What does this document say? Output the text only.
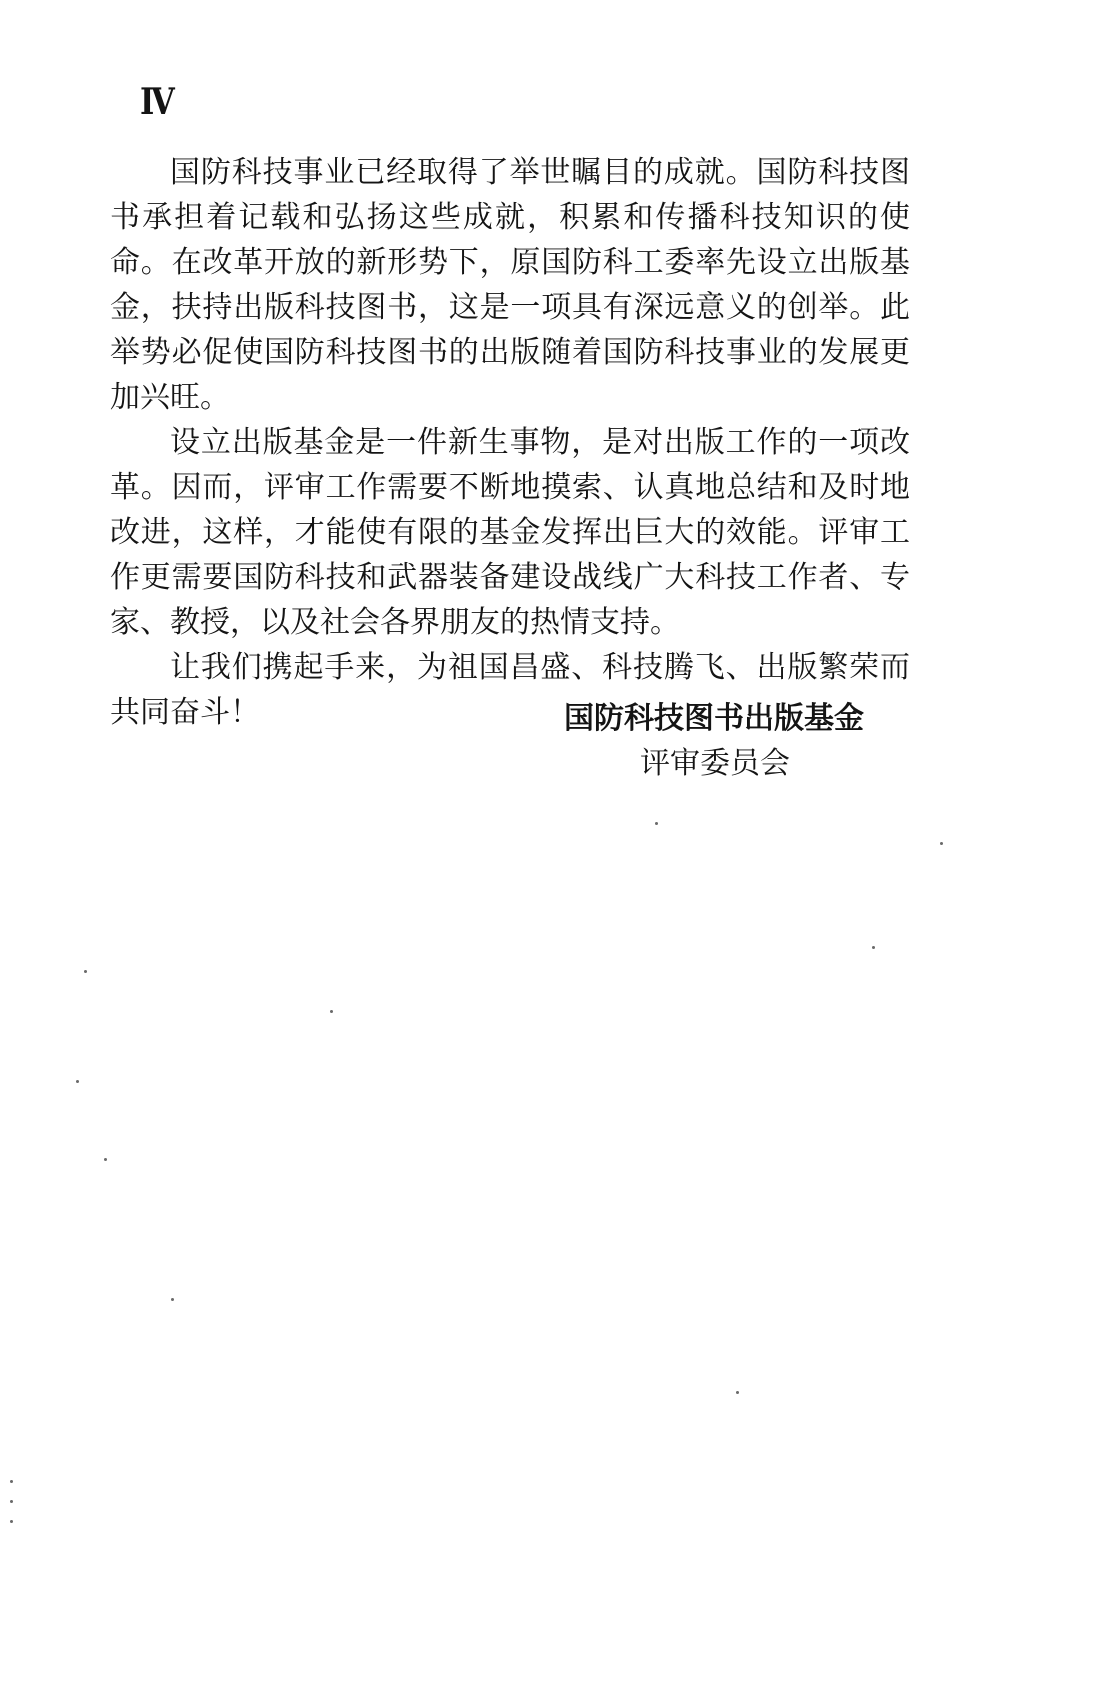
Ⅳ

国防科技事业已经取得了举世瞩目的成就。国防科技图书承担着记载和弘扬这些成就，积累和传播科技知识的使命。在改革开放的新形势下，原国防科工委率先设立出版基金，扶持出版科技图书，这是一项具有深远意义的创举。此举势必促使国防科技图书的出版随着国防科技事业的发展更加兴旺。

设立出版基金是一件新生事物，是对出版工作的一项改革。因而，评审工作需要不断地摸索、认真地总结和及时地改进，这样，才能使有限的基金发挥出巨大的效能。评审工作更需要国防科技和武器装备建设战线广大科技工作者、专家、教授，以及社会各界朋友的热情支持。

让我们携起手来，为祖国昌盛、科技腾飞、出版繁荣而共同奋斗！	国防科技图书出版基金
评审委员会
